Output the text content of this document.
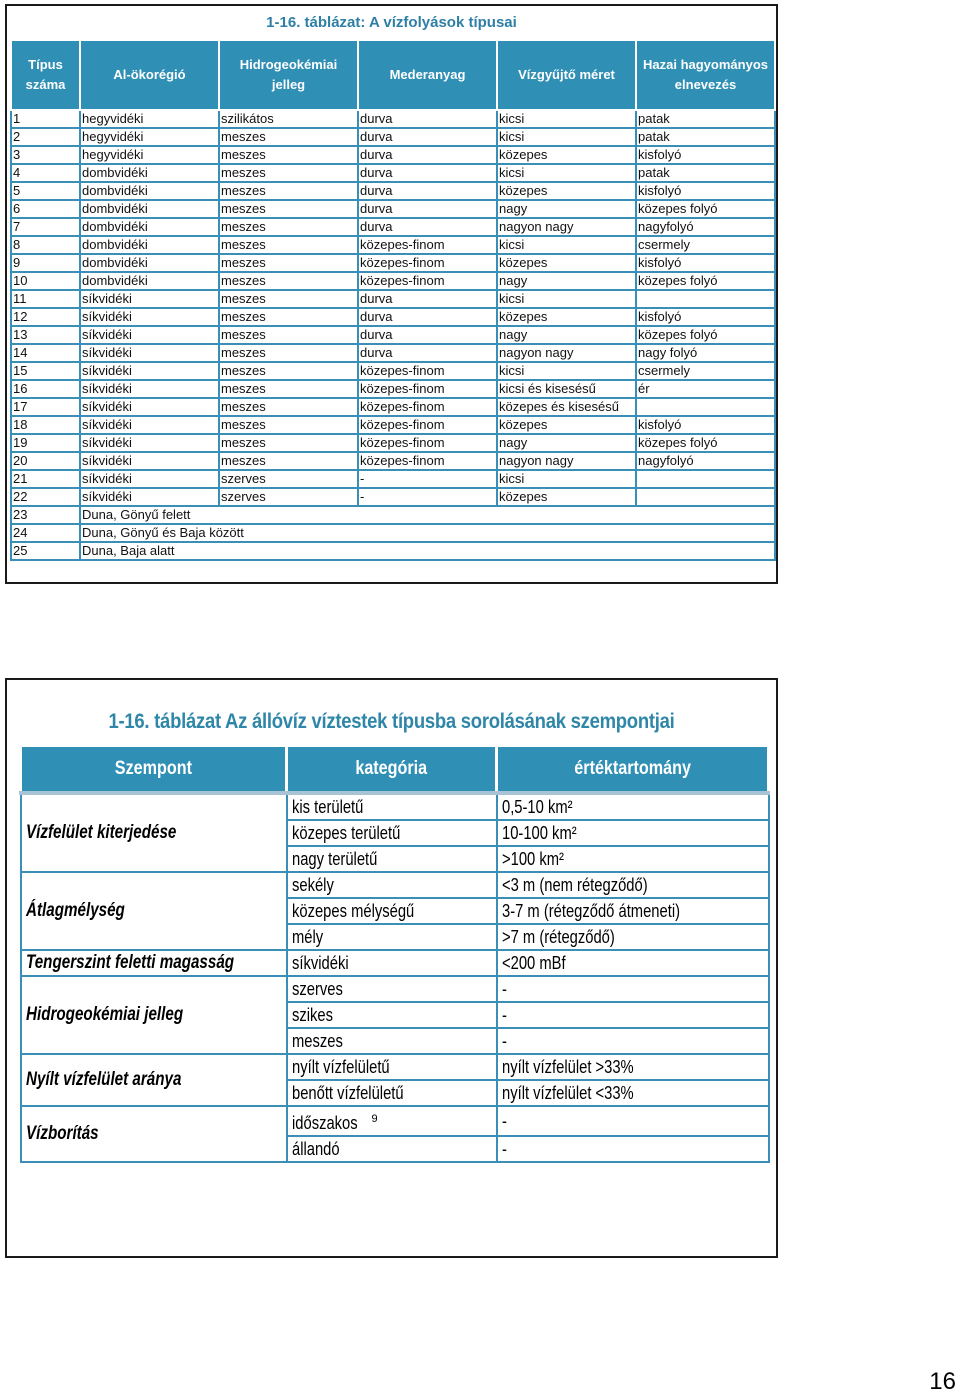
1-16. táblázat: A vízfolyások típusai
Típus száma	Al-ökorégió	Hidrogeokémiai jelleg	Mederanyag	Vízgyűjtő méret	Hazai hagyományos elnevezés
1	hegyvidéki	szilikátos	durva	kicsi	patak
2	hegyvidéki	meszes	durva	kicsi	patak
3	hegyvidéki	meszes	durva	közepes	kisfolyó
4	dombvidéki	meszes	durva	kicsi	patak
5	dombvidéki	meszes	durva	közepes	kisfolyó
6	dombvidéki	meszes	durva	nagy	közepes folyó
7	dombvidéki	meszes	durva	nagyon nagy	nagyfolyó
8	dombvidéki	meszes	közepes-finom	kicsi	csermely
9	dombvidéki	meszes	közepes-finom	közepes	kisfolyó
10	dombvidéki	meszes	közepes-finom	nagy	közepes folyó
11	síkvidéki	meszes	durva	kicsi	
12	síkvidéki	meszes	durva	közepes	kisfolyó
13	síkvidéki	meszes	durva	nagy	közepes folyó
14	síkvidéki	meszes	durva	nagyon nagy	nagy folyó
15	síkvidéki	meszes	közepes-finom	kicsi	csermely
16	síkvidéki	meszes	közepes-finom	kicsi és kisesésű	ér
17	síkvidéki	meszes	közepes-finom	közepes és kisesésű	
18	síkvidéki	meszes	közepes-finom	közepes	kisfolyó
19	síkvidéki	meszes	közepes-finom	nagy	közepes folyó
20	síkvidéki	meszes	közepes-finom	nagyon nagy	nagyfolyó
21	síkvidéki	szerves	-	kicsi	
22	síkvidéki	szerves	-	közepes	
23	Duna, Gönyű felett				
24	Duna, Gönyű és Baja között				
25	Duna, Baja alatt				
1-16. táblázat Az állóvíz víztestek típusba sorolásának szempontjai
Szempont	kategória	értéktartomány
Vízfelület kiterjedése	kis területű	0,5-10 km²
	közepes területű	10-100 km²
	nagy területű	>100 km²
Átlagmélység	sekély	<3 m (nem rétegződő)
	közepes mélységű	3-7 m (rétegződő átmeneti)
	mély	>7 m (rétegződő)
Tengerszint feletti magasság	síkvidéki	<200 mBf
Hidrogeokémiai jelleg	szerves	-
	szikes	-
	meszes	-
Nyílt vízfelület aránya	nyílt vízfelületű	nyílt vízfelület >33%
	benőtt vízfelületű	nyílt vízfelület <33%
Vízborítás	időszakos $^9$	-
	állandó	-
16
